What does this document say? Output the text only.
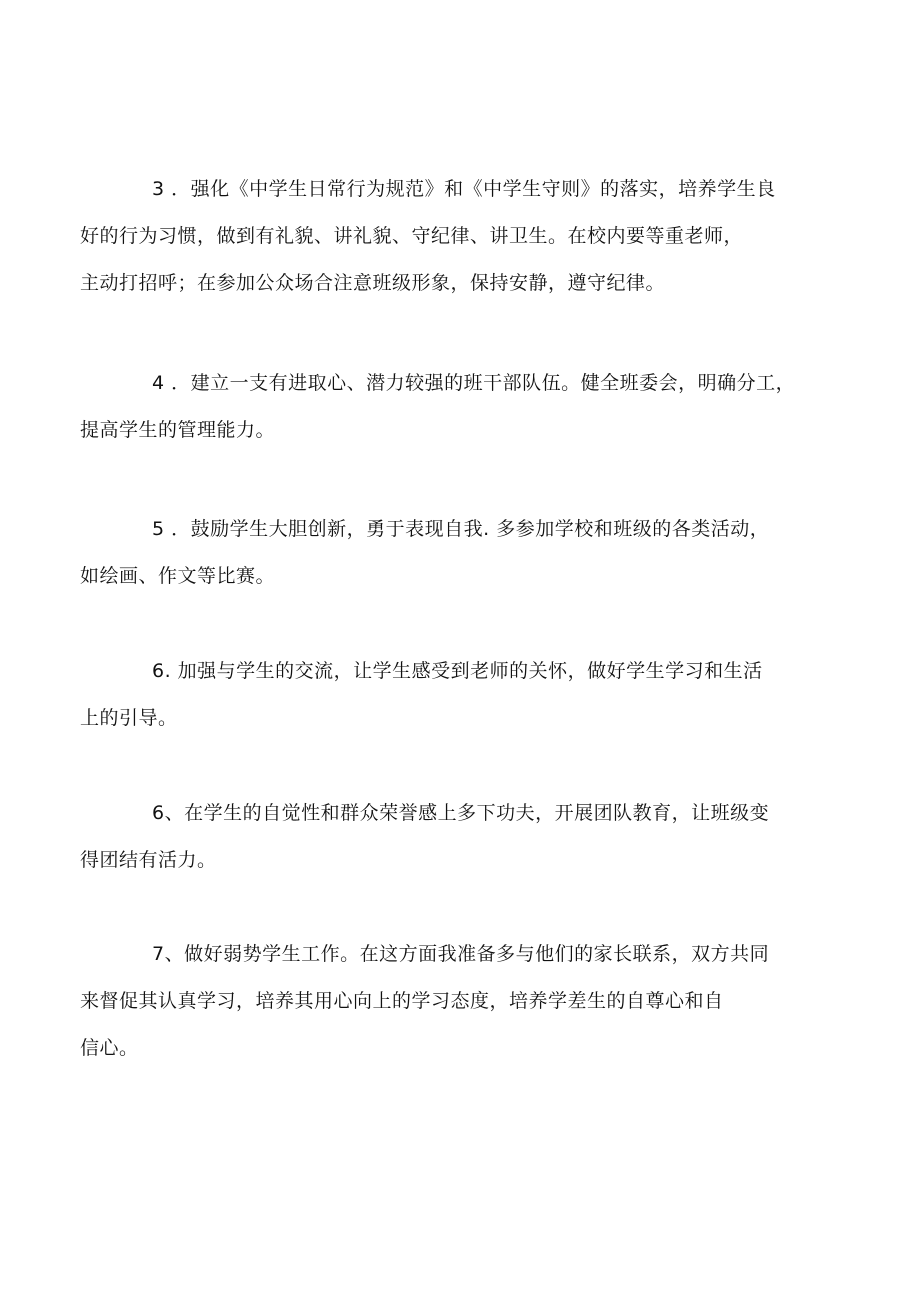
3 ．强化《中学生日常行为规范》和《中学生守则》的落实，培养学生良
好的行为习惯，做到有礼貌、讲礼貌、守纪律、讲卫生。在校内要等重老师，
主动打招呼；在参加公众场合注意班级形象，保持安静，遵守纪律。
4 ．建立一支有进取心、潜力较强的班干部队伍。健全班委会，明确分工，
提高学生的管理能力。
5 ．鼓励学生大胆创新，勇于表现自我. 多参加学校和班级的各类活动，
如绘画、作文等比赛。
6. 加强与学生的交流，让学生感受到老师的关怀，做好学生学习和生活
上的引导。
6、在学生的自觉性和群众荣誉感上多下功夫，开展团队教育，让班级变
得团结有活力。
7、做好弱势学生工作。在这方面我准备多与他们的家长联系，双方共同
来督促其认真学习，培养其用心向上的学习态度，培养学差生的自尊心和自
信心。
